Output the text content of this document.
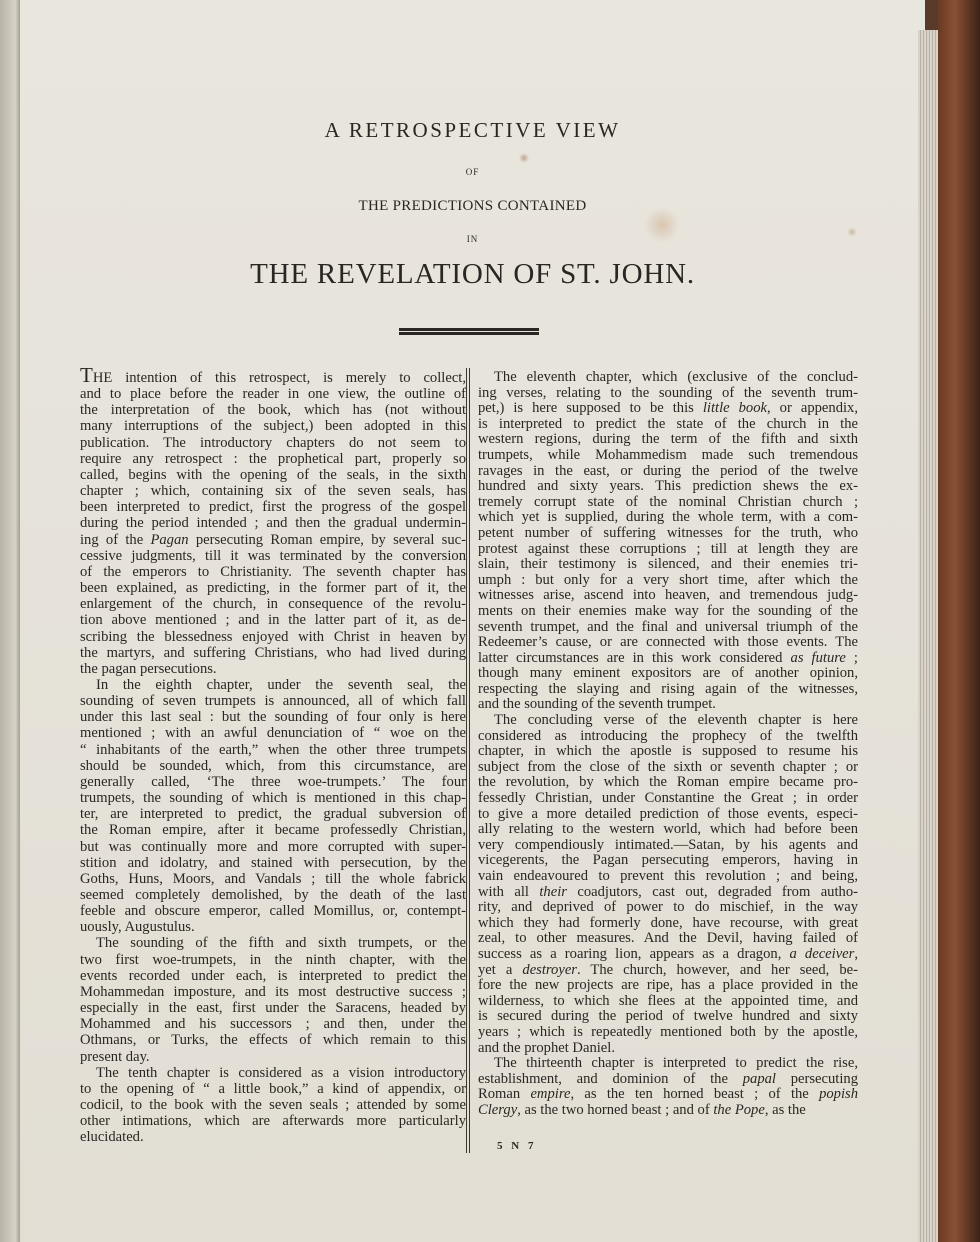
A RETROSPECTIVE VIEW
OF
THE PREDICTIONS CONTAINED
IN
THE REVELATION OF ST. JOHN.
THE intention of this retrospect, is merely to collect,
and to place before the reader in one view, the outline of
the interpretation of the book, which has (not without
many interruptions of the subject,) been adopted in this
publication. The introductory chapters do not seem to
require any retrospect : the prophetical part, properly so
called, begins with the opening of the seals, in the sixth
chapter ; which, containing six of the seven seals, has
been interpreted to predict, first the progress of the gospel
during the period intended ; and then the gradual undermin-
ing of the Pagan persecuting Roman empire, by several suc-
cessive judgments, till it was terminated by the conversion
of the emperors to Christianity. The seventh chapter has
been explained, as predicting, in the former part of it, the
enlargement of the church, in consequence of the revolu-
tion above mentioned ; and in the latter part of it, as de-
scribing the blessedness enjoyed with Christ in heaven by
the martyrs, and suffering Christians, who had lived during
the pagan persecutions.
In the eighth chapter, under the seventh seal, the
sounding of seven trumpets is announced, all of which fall
under this last seal : but the sounding of four only is here
mentioned ; with an awful denunciation of “ woe on the
“ inhabitants of the earth,” when the other three trumpets
should be sounded, which, from this circumstance, are
generally called, ‘The three woe-trumpets.’ The four
trumpets, the sounding of which is mentioned in this chap-
ter, are interpreted to predict, the gradual subversion of
the Roman empire, after it became professedly Christian,
but was continually more and more corrupted with super-
stition and idolatry, and stained with persecution, by the
Goths, Huns, Moors, and Vandals ; till the whole fabrick
seemed completely demolished, by the death of the last
feeble and obscure emperor, called Momillus, or, contempt-
uously, Augustulus.
The sounding of the fifth and sixth trumpets, or the
two first woe-trumpets, in the ninth chapter, with the
events recorded under each, is interpreted to predict the
Mohammedan imposture, and its most destructive success ;
especially in the east, first under the Saracens, headed by
Mohammed and his successors ; and then, under the
Othmans, or Turks, the effects of which remain to this
present day.
The tenth chapter is considered as a vision introductory
to the opening of “ a little book,” a kind of appendix, or
codicil, to the book with the seven seals ; attended by some
other intimations, which are afterwards more particularly
elucidated.
The eleventh chapter, which (exclusive of the conclud-
ing verses, relating to the sounding of the seventh trum-
pet,) is here supposed to be this little book, or appendix,
is interpreted to predict the state of the church in the
western regions, during the term of the fifth and sixth
trumpets, while Mohammedism made such tremendous
ravages in the east, or during the period of the twelve
hundred and sixty years. This prediction shews the ex-
tremely corrupt state of the nominal Christian church ;
which yet is supplied, during the whole term, with a com-
petent number of suffering witnesses for the truth, who
protest against these corruptions ; till at length they are
slain, their testimony is silenced, and their enemies tri-
umph : but only for a very short time, after which the
witnesses arise, ascend into heaven, and tremendous judg-
ments on their enemies make way for the sounding of the
seventh trumpet, and the final and universal triumph of the
Redeemer’s cause, or are connected with those events. The
latter circumstances are in this work considered as future ;
though many eminent expositors are of another opinion,
respecting the slaying and rising again of the witnesses,
and the sounding of the seventh trumpet.
The concluding verse of the eleventh chapter is here
considered as introducing the prophecy of the twelfth
chapter, in which the apostle is supposed to resume his
subject from the close of the sixth or seventh chapter ; or
the revolution, by which the Roman empire became pro-
fessedly Christian, under Constantine the Great ; in order
to give a more detailed prediction of those events, especi-
ally relating to the western world, which had before been
very compendiously intimated.—Satan, by his agents and
vicegerents, the Pagan persecuting emperors, having in
vain endeavoured to prevent this revolution ; and being,
with all their coadjutors, cast out, degraded from autho-
rity, and deprived of power to do mischief, in the way
which they had formerly done, have recourse, with great
zeal, to other measures. And the Devil, having failed of
success as a roaring lion, appears as a dragon, a deceiver,
yet a destroyer. The church, however, and her seed, be-
fore the new projects are ripe, has a place provided in the
wilderness, to which she flees at the appointed time, and
is secured during the period of twelve hundred and sixty
years ; which is repeatedly mentioned both by the apostle,
and the prophet Daniel.
The thirteenth chapter is interpreted to predict the rise,
establishment, and dominion of the papal persecuting
Roman empire, as the ten horned beast ; of the popish
Clergy, as the two horned beast ; and of the Pope, as the
5 N 7
